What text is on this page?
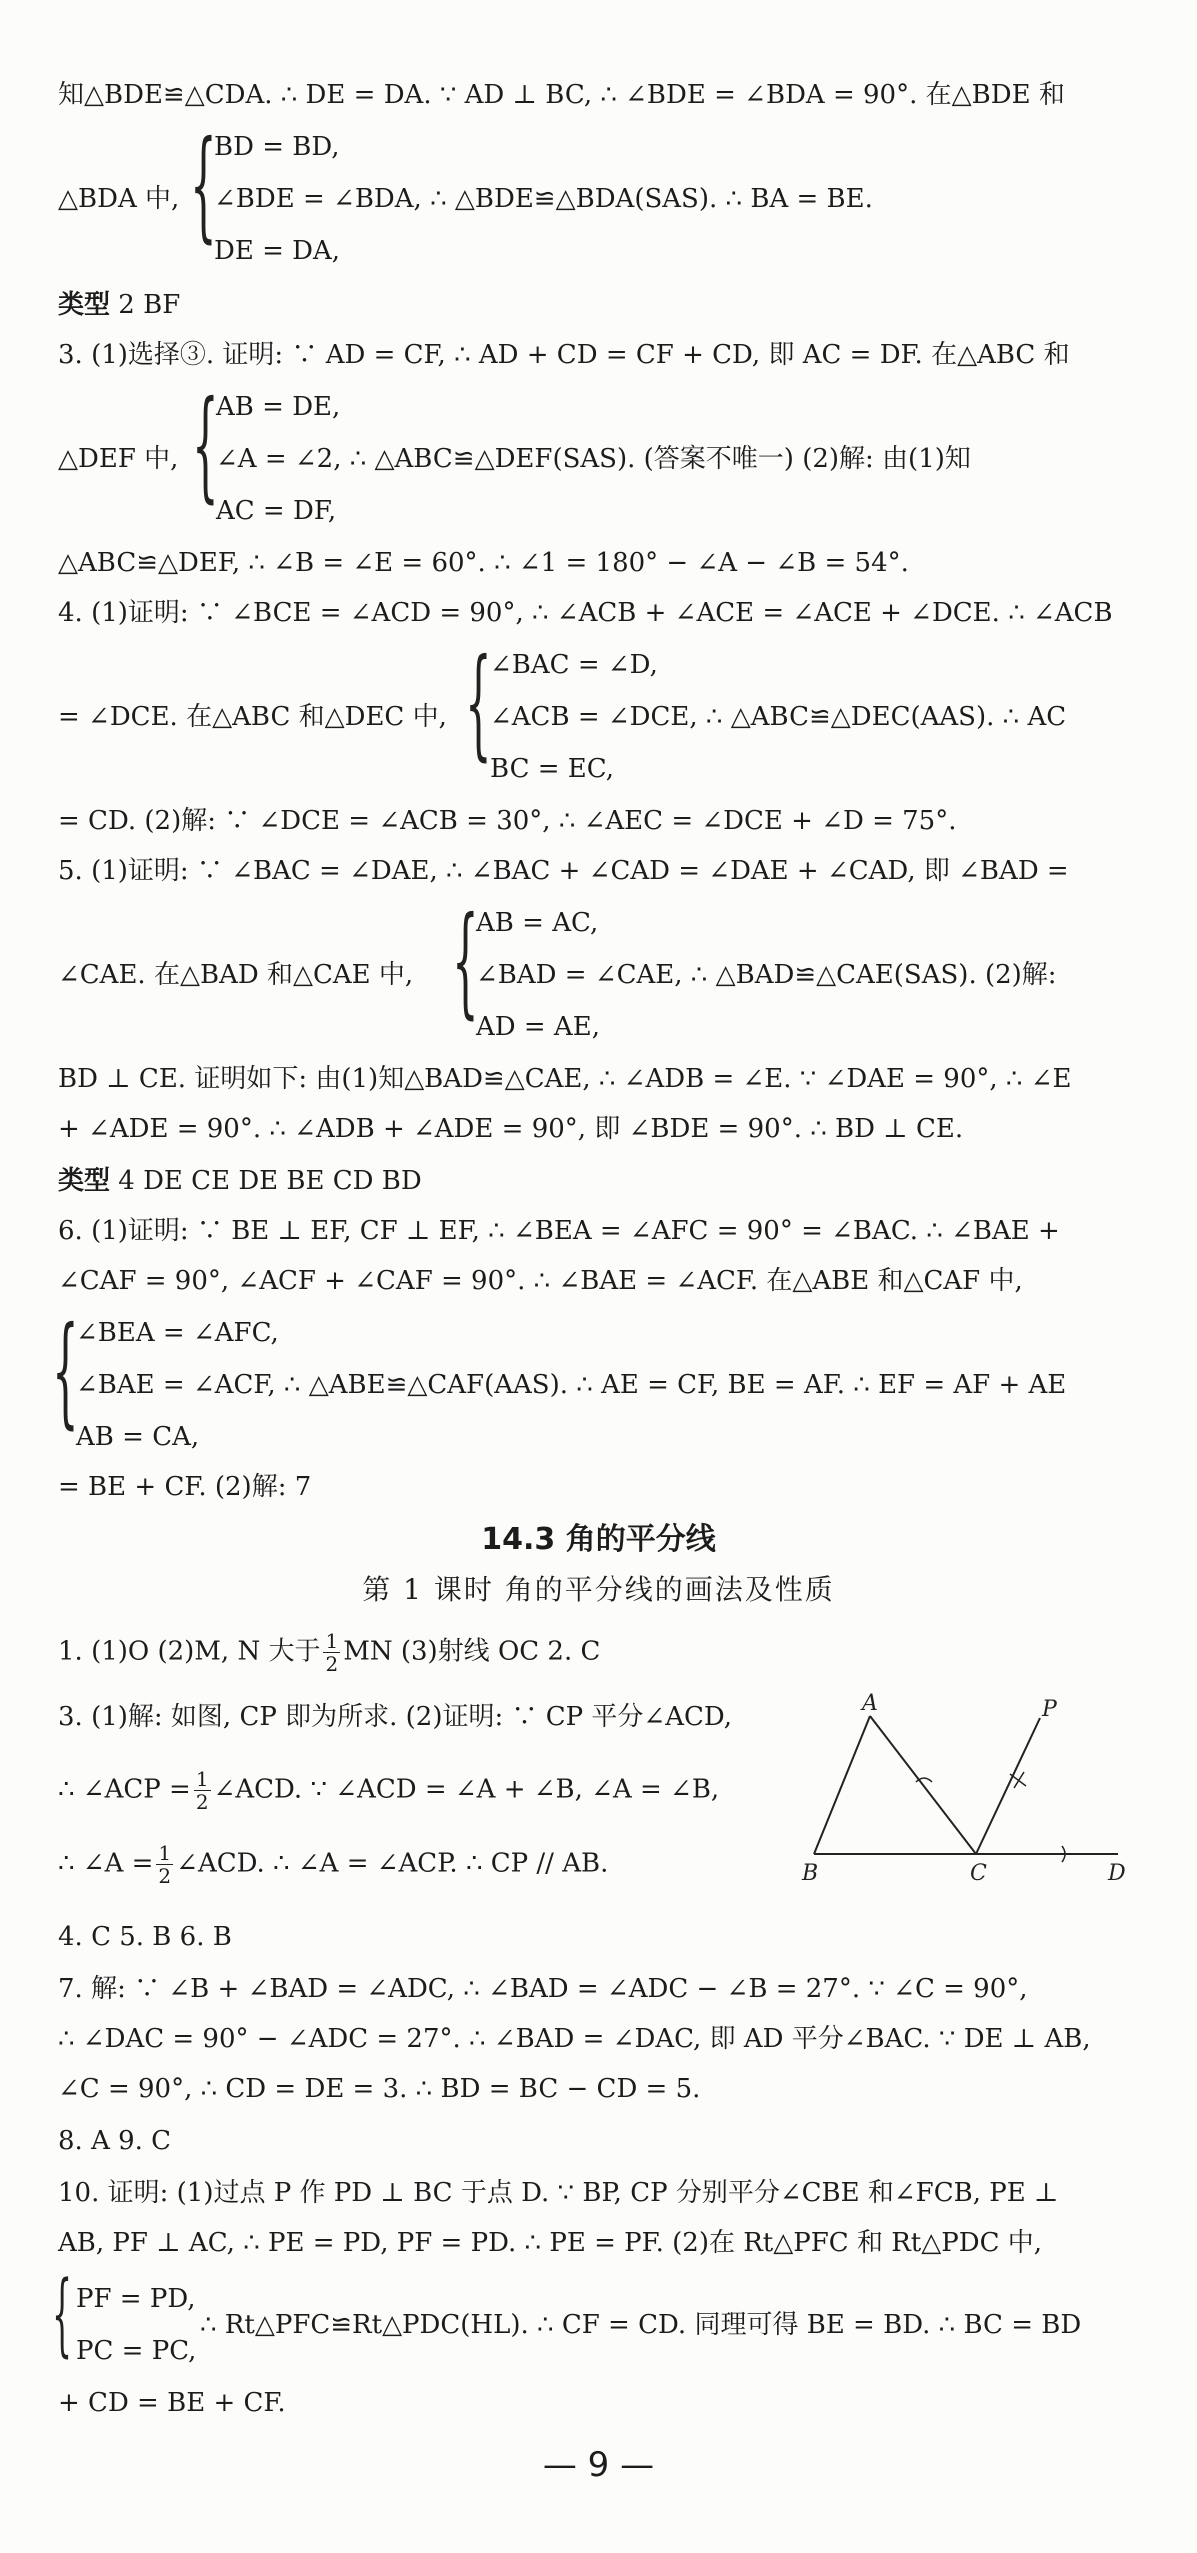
知△BDE≌△CDA. ∴ DE = DA. ∵ AD ⊥ BC, ∴ ∠BDE = ∠BDA = 90°. 在△BDE 和
{
BD = BD,
△BDA 中,	∠BDE = ∠BDA, ∴ △BDE≌△BDA(SAS). ∴ BA = BE.
DE = DA,
类型 2 BF
3. (1)选择③. 证明: ∵ AD = CF, ∴ AD + CD = CF + CD, 即 AC = DF. 在△ABC 和
{
AB = DE,
△DEF 中,	∠A = ∠2, ∴ △ABC≌△DEF(SAS). (答案不唯一) (2)解: 由(1)知
AC = DF,
△ABC≌△DEF, ∴ ∠B = ∠E = 60°. ∴ ∠1 = 180° − ∠A − ∠B = 54°.
4. (1)证明: ∵ ∠BCE = ∠ACD = 90°, ∴ ∠ACB + ∠ACE = ∠ACE + ∠DCE. ∴ ∠ACB
{
∠BAC = ∠D,
= ∠DCE. 在△ABC 和△DEC 中,	∠ACB = ∠DCE, ∴ △ABC≌△DEC(AAS). ∴ AC
BC = EC,
= CD. (2)解: ∵ ∠DCE = ∠ACB = 30°, ∴ ∠AEC = ∠DCE + ∠D = 75°.
5. (1)证明: ∵ ∠BAC = ∠DAE, ∴ ∠BAC + ∠CAD = ∠DAE + ∠CAD, 即 ∠BAD =
{
AB = AC,
∠CAE. 在△BAD 和△CAE 中,	∠BAD = ∠CAE, ∴ △BAD≌△CAE(SAS). (2)解:
AD = AE,
BD ⊥ CE. 证明如下: 由(1)知△BAD≌△CAE, ∴ ∠ADB = ∠E. ∵ ∠DAE = 90°, ∴ ∠E
+ ∠ADE = 90°. ∴ ∠ADB + ∠ADE = 90°, 即 ∠BDE = 90°. ∴ BD ⊥ CE.
类型 4 DE CE DE BE CD BD
6. (1)证明: ∵ BE ⊥ EF, CF ⊥ EF, ∴ ∠BEA = ∠AFC = 90° = ∠BAC. ∴ ∠BAE +
∠CAF = 90°, ∠ACF + ∠CAF = 90°. ∴ ∠BAE = ∠ACF. 在△ABE 和△CAF 中,
{
∠BEA = ∠AFC,
∠BAE = ∠ACF, ∴ △ABE≌△CAF(AAS). ∴ AE = CF, BE = AF. ∴ EF = AF + AE
AB = CA,
= BE + CF. (2)解: 7
14.3 角的平分线
第 1 课时 角的平分线的画法及性质
1. (1)O (2)M, N 大于 $\frac{1}{2}$ MN (3)射线 OC 2. C
3. (1)解: 如图, CP 即为所求. (2)证明: ∵ CP 平分∠ACD,
∴ ∠ACP = $\frac{1}{2}$ ∠ACD. ∵ ∠ACD = ∠A + ∠B, ∠A = ∠B,
∴ ∠A = $\frac{1}{2}$ ∠ACD. ∴ ∠A = ∠ACP. ∴ CP // AB.
A
B	C	D
P
4. C 5. B 6. B
7. 解: ∵ ∠B + ∠BAD = ∠ADC, ∴ ∠BAD = ∠ADC − ∠B = 27°. ∵ ∠C = 90°,
∴ ∠DAC = 90° − ∠ADC = 27°. ∴ ∠BAD = ∠DAC, 即 AD 平分∠BAC. ∵ DE ⊥ AB,
∠C = 90°, ∴ CD = DE = 3. ∴ BD = BC − CD = 5.
8. A 9. C
10. 证明: (1)过点 P 作 PD ⊥ BC 于点 D. ∵ BP, CP 分别平分∠CBE 和∠FCB, PE ⊥
AB, PF ⊥ AC, ∴ PE = PD, PF = PD. ∴ PE = PF. (2)在 Rt△PFC 和 Rt△PDC 中,
{ PF = PD,
∴ Rt△PFC≌Rt△PDC(HL). ∴ CF = CD. 同理可得 BE = BD. ∴ BC = BD
PC = PC,
+ CD = BE + CF.
— 9 —
